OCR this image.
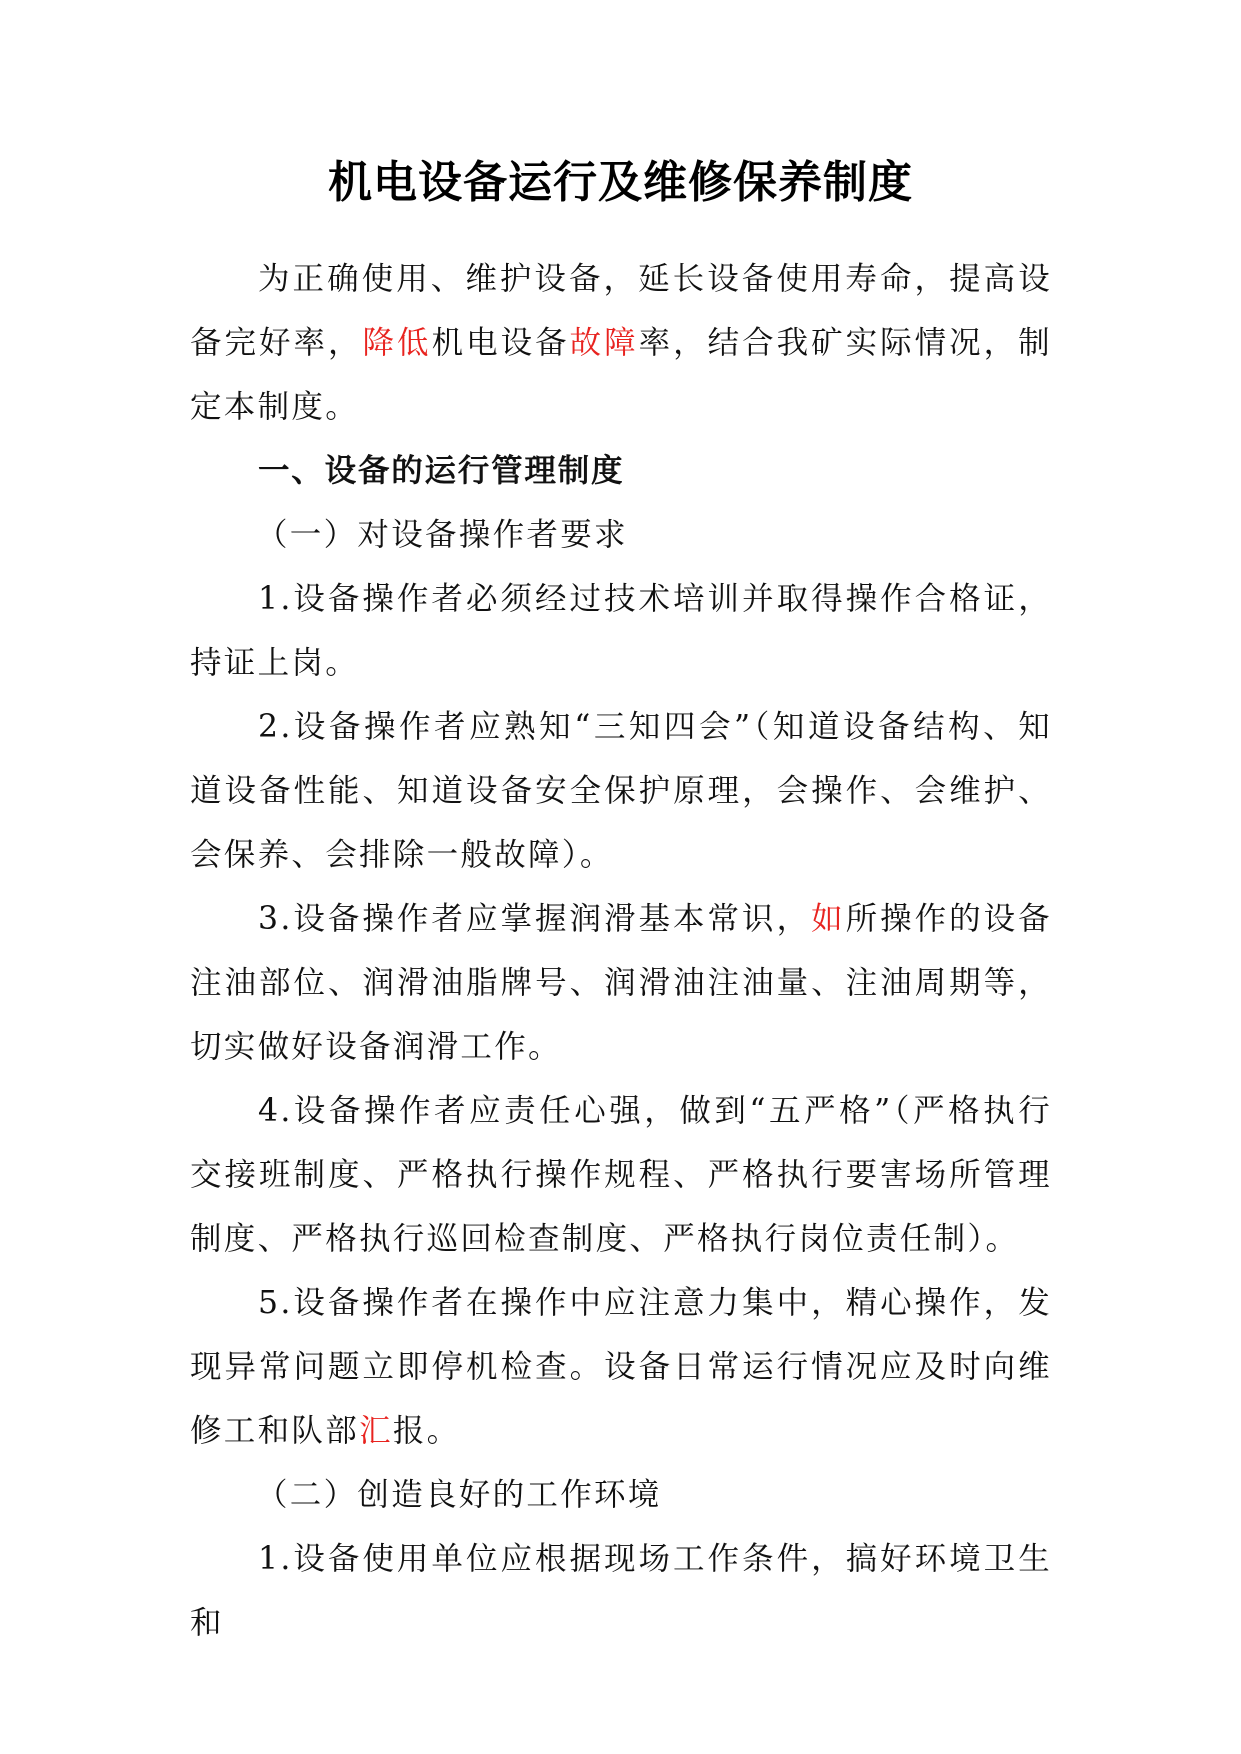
机电设备运行及维修保养制度

为正确使用、维护设备，延长设备使用寿命，提高设备完好率，降低机电设备故障率，结合我矿实际情况，制定本制度。

一、设备的运行管理制度

（一）对设备操作者要求

1.设备操作者必须经过技术培训并取得操作合格证，持证上岗。

2.设备操作者应熟知“三知四会”（知道设备结构、知道设备性能、知道设备安全保护原理，会操作、会维护、会保养、会排除一般故障）。

3.设备操作者应掌握润滑基本常识，如所操作的设备注油部位、润滑油脂牌号、润滑油注油量、注油周期等，切实做好设备润滑工作。

4.设备操作者应责任心强，做到“五严格”（严格执行交接班制度、严格执行操作规程、严格执行要害场所管理制度、严格执行巡回检查制度、严格执行岗位责任制）。

5.设备操作者在操作中应注意力集中，精心操作，发现异常问题立即停机检查。设备日常运行情况应及时向维修工和队部汇报。

（二）创造良好的工作环境

1.设备使用单位应根据现场工作条件，搞好环境卫生和
